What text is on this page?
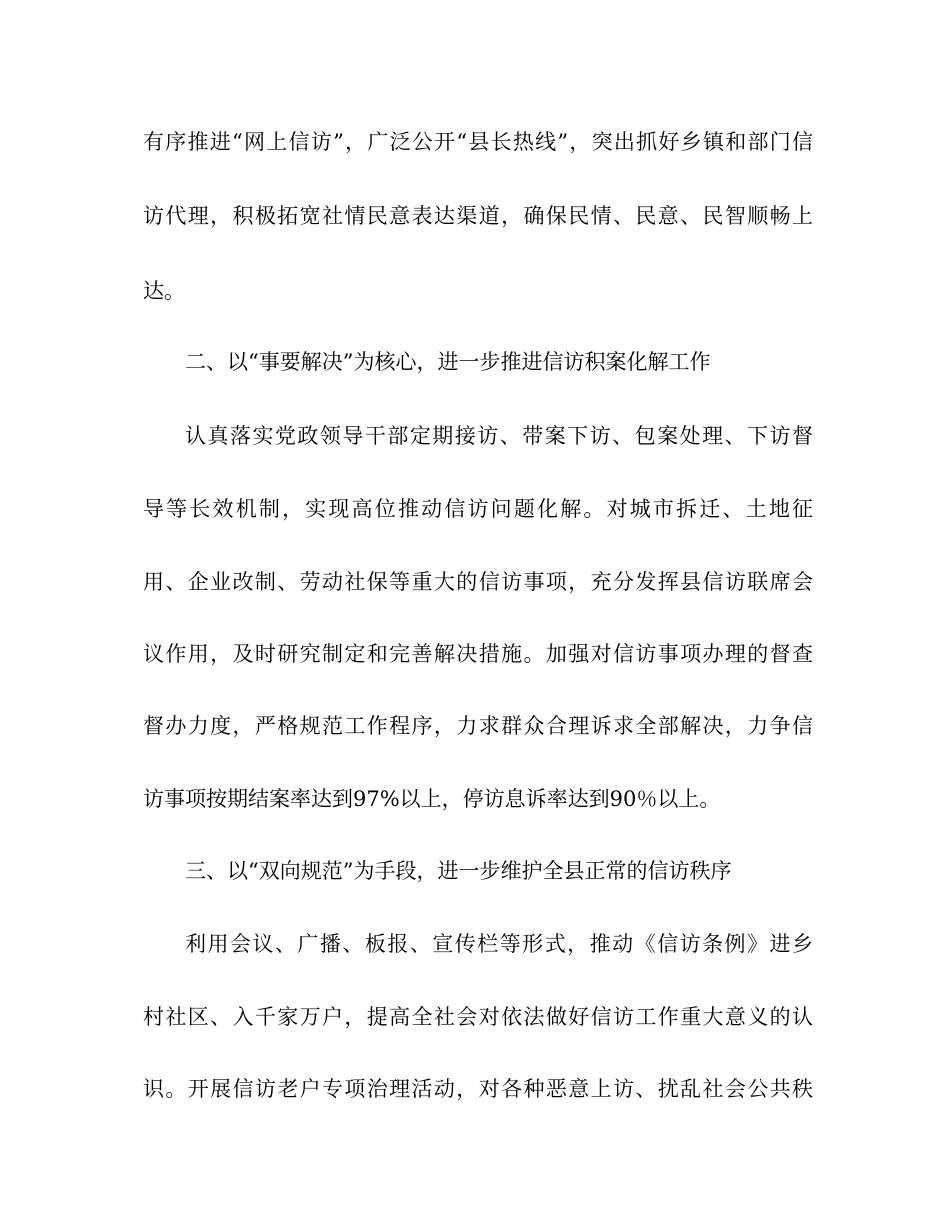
有序推进“网上信访”，广泛公开“县长热线”，突出抓好乡镇和部门信
访代理，积极拓宽社情民意表达渠道，确保民情、民意、民智顺畅上
达。
二、以“事要解决”为核心，进一步推进信访积案化解工作
认真落实党政领导干部定期接访、带案下访、包案处理、下访督
导等长效机制，实现高位推动信访问题化解。对城市拆迁、土地征
用、企业改制、劳动社保等重大的信访事项，充分发挥县信访联席会
议作用，及时研究制定和完善解决措施。加强对信访事项办理的督查
督办力度，严格规范工作程序，力求群众合理诉求全部解决，力争信
访事项按期结案率达到97%以上，停访息诉率达到90％以上。
三、以“双向规范”为手段，进一步维护全县正常的信访秩序
利用会议、广播、板报、宣传栏等形式，推动《信访条例》进乡
村社区、入千家万户，提高全社会对依法做好信访工作重大意义的认
识。开展信访老户专项治理活动，对各种恶意上访、扰乱社会公共秩
